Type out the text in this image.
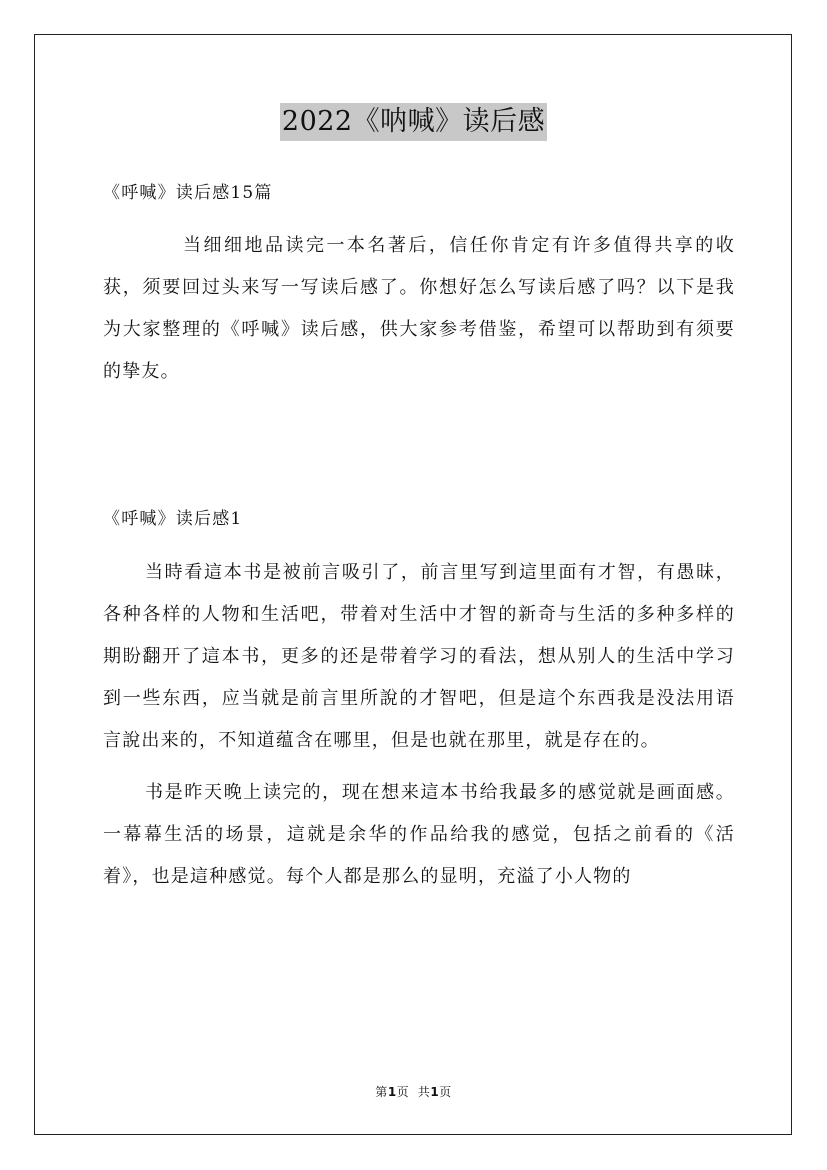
2022《呐喊》读后感
《呼喊》读后感15篇
当细细地品读完一本名著后，信任你肯定有许多值得共享的收获，须要回过头来写一写读后感了。你想好怎么写读后感了吗？以下是我为大家整理的《呼喊》读后感，供大家参考借鉴，希望可以帮助到有须要的挚友。
《呼喊》读后感1
当時看這本书是被前言吸引了，前言里写到這里面有才智，有愚昧，各种各样的人物和生活吧，带着对生活中才智的新奇与生活的多种多样的期盼翻开了這本书，更多的还是带着学习的看法，想从别人的生活中学习到一些东西，应当就是前言里所說的才智吧，但是這个东西我是没法用语言說出来的，不知道蕴含在哪里，但是也就在那里，就是存在的。
书是昨天晚上读完的，现在想来這本书给我最多的感觉就是画面感。一幕幕生活的场景，這就是余华的作品给我的感觉，包括之前看的《活着》，也是這种感觉。每个人都是那么的显明，充溢了小人物的
第1页  共1页
